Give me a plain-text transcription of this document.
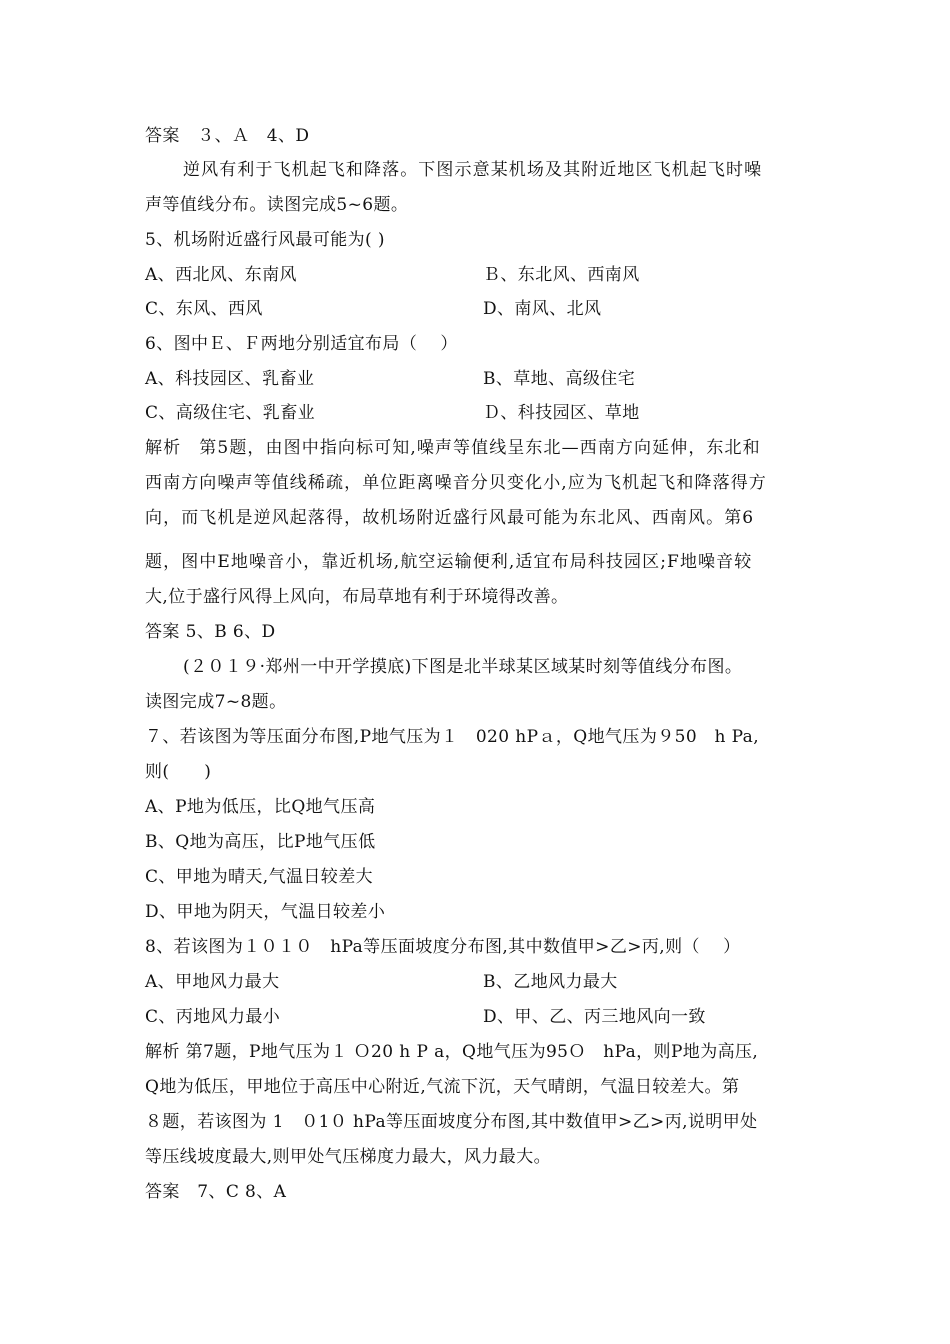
答案　３、Ａ　4、D
逆风有利于飞机起飞和降落。下图示意某机场及其附近地区飞机起飞时噪
声等值线分布。读图完成5~6题。
5、机场附近盛行风最可能为( )
A、西北风、东南风	Ｂ、东北风、西南风
C、东风、西风	D、南风、北风
6、图中Ｅ、Ｆ两地分别适宜布局（　 ）
A、科技园区、乳畜业	B、草地、高级住宅
C、高级住宅、乳畜业	Ｄ、科技园区、草地
解析　第5题，由图中指向标可知,噪声等值线呈东北—西南方向延伸，东北和
西南方向噪声等值线稀疏，单位距离噪音分贝变化小,应为飞机起飞和降落得方
向，而飞机是逆风起落得，故机场附近盛行风最可能为东北风、西南风。第6
题，图中E地噪音小，靠近机场,航空运输便利,适宜布局科技园区;F地噪音较
大,位于盛行风得上风向，布局草地有利于环境得改善。
答案 5、B 6、D
(２０１９·郑州一中开学摸底)下图是北半球某区域某时刻等值线分布图。
读图完成7~8题。
７、若该图为等压面分布图,P地气压为１　020 hPａ，Q地气压为９50　h Pa,
则(　　)
A、P地为低压，比Q地气压高
B、Q地为高压，比P地气压低
C、甲地为晴天,气温日较差大
D、甲地为阴天，气温日较差小
8、若该图为１０１０　hPa等压面坡度分布图,其中数值甲>乙>丙,则（　 ）
A、甲地风力最大	B、乙地风力最大
C、丙地风力最小	D、甲、乙、丙三地风向一致
解析 第7题，P地气压为１ Ｏ20 h P a，Q地气压为95Ｏ　hPa，则P地为高压,
Q地为低压，甲地位于高压中心附近,气流下沉，天气晴朗，气温日较差大。第
８题，若该图为 1　０1０ hPa等压面坡度分布图,其中数值甲>乙>丙,说明甲处
等压线坡度最大,则甲处气压梯度力最大，风力最大。
答案　7、C 8、A
